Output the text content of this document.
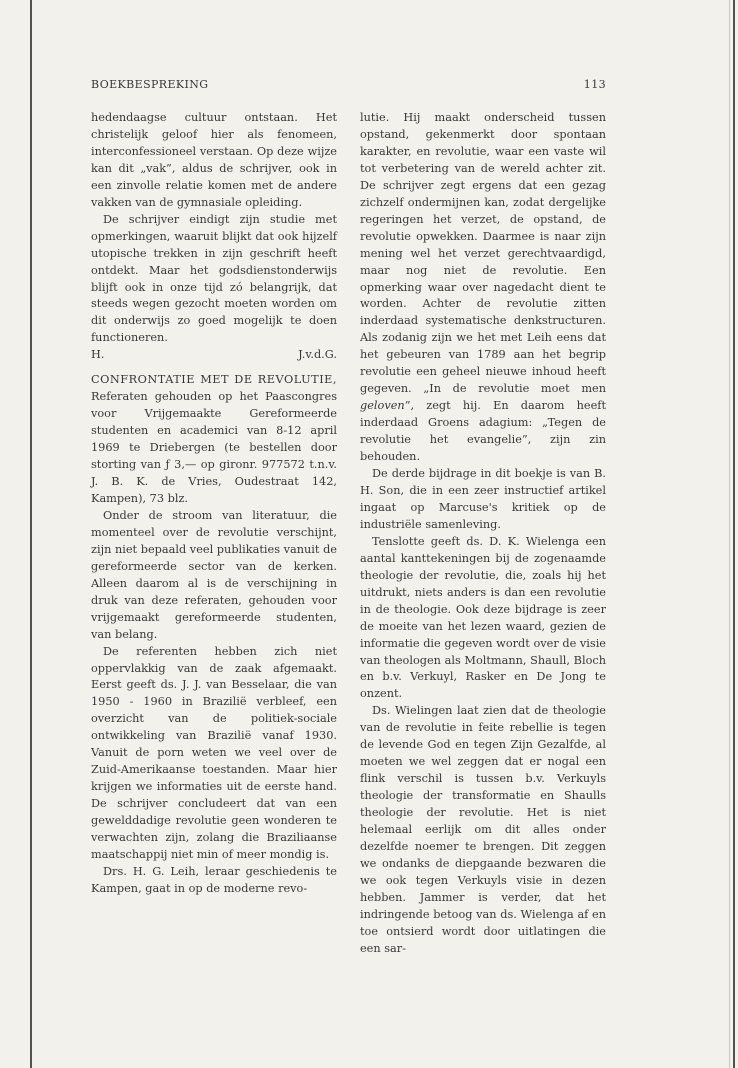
BOEKBESPREKING	113

hedendaagse cultuur ontstaan. Het christelijk geloof hier als fenomeen, interconfessioneel verstaan. Op deze wijze kan dit „vak”, aldus de schrijver, ook in een zinvolle relatie komen met de andere vakken van de gymnasiale opleiding.

De schrijver eindigt zijn studie met opmerkingen, waaruit blijkt dat ook hijzelf utopische trekken in zijn geschrift heeft ontdekt. Maar het godsdienstonderwijs blijft ook in onze tijd zó belangrijk, dat steeds wegen gezocht moeten worden om dit onderwijs zo goed mogelijk te doen functioneren.

H.	J.v.d.G.

CONFRONTATIE MET DE REVOLUTIE, Referaten gehouden op het Paascongres voor Vrijgemaakte Gereformeerde studenten en academici van 8-12 april 1969 te Driebergen (te bestellen door storting van ƒ 3,— op gironr. 977572 t.n.v. J. B. K. de Vries, Oudestraat 142, Kampen), 73 blz.

Onder de stroom van literatuur, die momenteel over de revolutie verschijnt, zijn niet bepaald veel publikaties vanuit de gereformeerde sector van de kerken. Alleen daarom al is de verschijning in druk van deze referaten, gehouden voor vrijgemaakt gereformeerde studenten, van belang.

De referenten hebben zich niet oppervlakkig van de zaak afgemaakt. Eerst geeft ds. J. J. van Besselaar, die van 1950 - 1960 in Brazilië verbleef, een overzicht van de politiek-sociale ontwikkeling van Brazilië vanaf 1930. Vanuit de porn weten we veel over de Zuid-Amerikaanse toestanden. Maar hier krijgen we informaties uit de eerste hand. De schrijver concludeert dat van een gewelddadige revolutie geen wonderen te verwachten zijn, zolang die Braziliaanse maatschappij niet min of meer mondig is.

Drs. H. G. Leih, leraar geschiedenis te Kampen, gaat in op de moderne revo-

lutie. Hij maakt onderscheid tussen opstand, gekenmerkt door spontaan karakter, en revolutie, waar een vaste wil tot verbetering van de wereld achter zit. De schrijver zegt ergens dat een gezag zichzelf ondermijnen kan, zodat dergelijke regeringen het verzet, de opstand, de revolutie opwekken. Daarmee is naar zijn mening wel het verzet gerechtvaardigd, maar nog niet de revolutie. Een opmerking waar over nagedacht dient te worden. Achter de revolutie zitten inderdaad systematische denkstructuren. Als zodanig zijn we het met Leih eens dat het gebeuren van 1789 aan het begrip revolutie een geheel nieuwe inhoud heeft gegeven. „In de revolutie moet men geloven”, zegt hij. En daarom heeft inderdaad Groens adagium: „Tegen de revolutie het evangelie”, zijn zin behouden.

De derde bijdrage in dit boekje is van B. H. Son, die in een zeer instructief artikel ingaat op Marcuse's kritiek op de industriële samenleving.

Tenslotte geeft ds. D. K. Wielenga een aantal kanttekeningen bij de zogenaamde theologie der revolutie, die, zoals hij het uitdrukt, niets anders is dan een revolutie in de theologie. Ook deze bijdrage is zeer de moeite van het lezen waard, gezien de informatie die gegeven wordt over de visie van theologen als Moltmann, Shaull, Bloch en b.v. Verkuyl, Rasker en De Jong te onzent.

Ds. Wielingen laat zien dat de theologie van de revolutie in feite rebellie is tegen de levende God en tegen Zijn Gezalfde, al moeten we wel zeggen dat er nogal een flink verschil is tussen b.v. Verkuyls theologie der transformatie en Shaulls theologie der revolutie. Het is niet helemaal eerlijk om dit alles onder dezelfde noemer te brengen. Dit zeggen we ondanks de diepgaande bezwaren die we ook tegen Verkuyls visie in dezen hebben. Jammer is verder, dat het indringende betoog van ds. Wielenga af en toe ontsierd wordt door uitlatingen die een sar-
